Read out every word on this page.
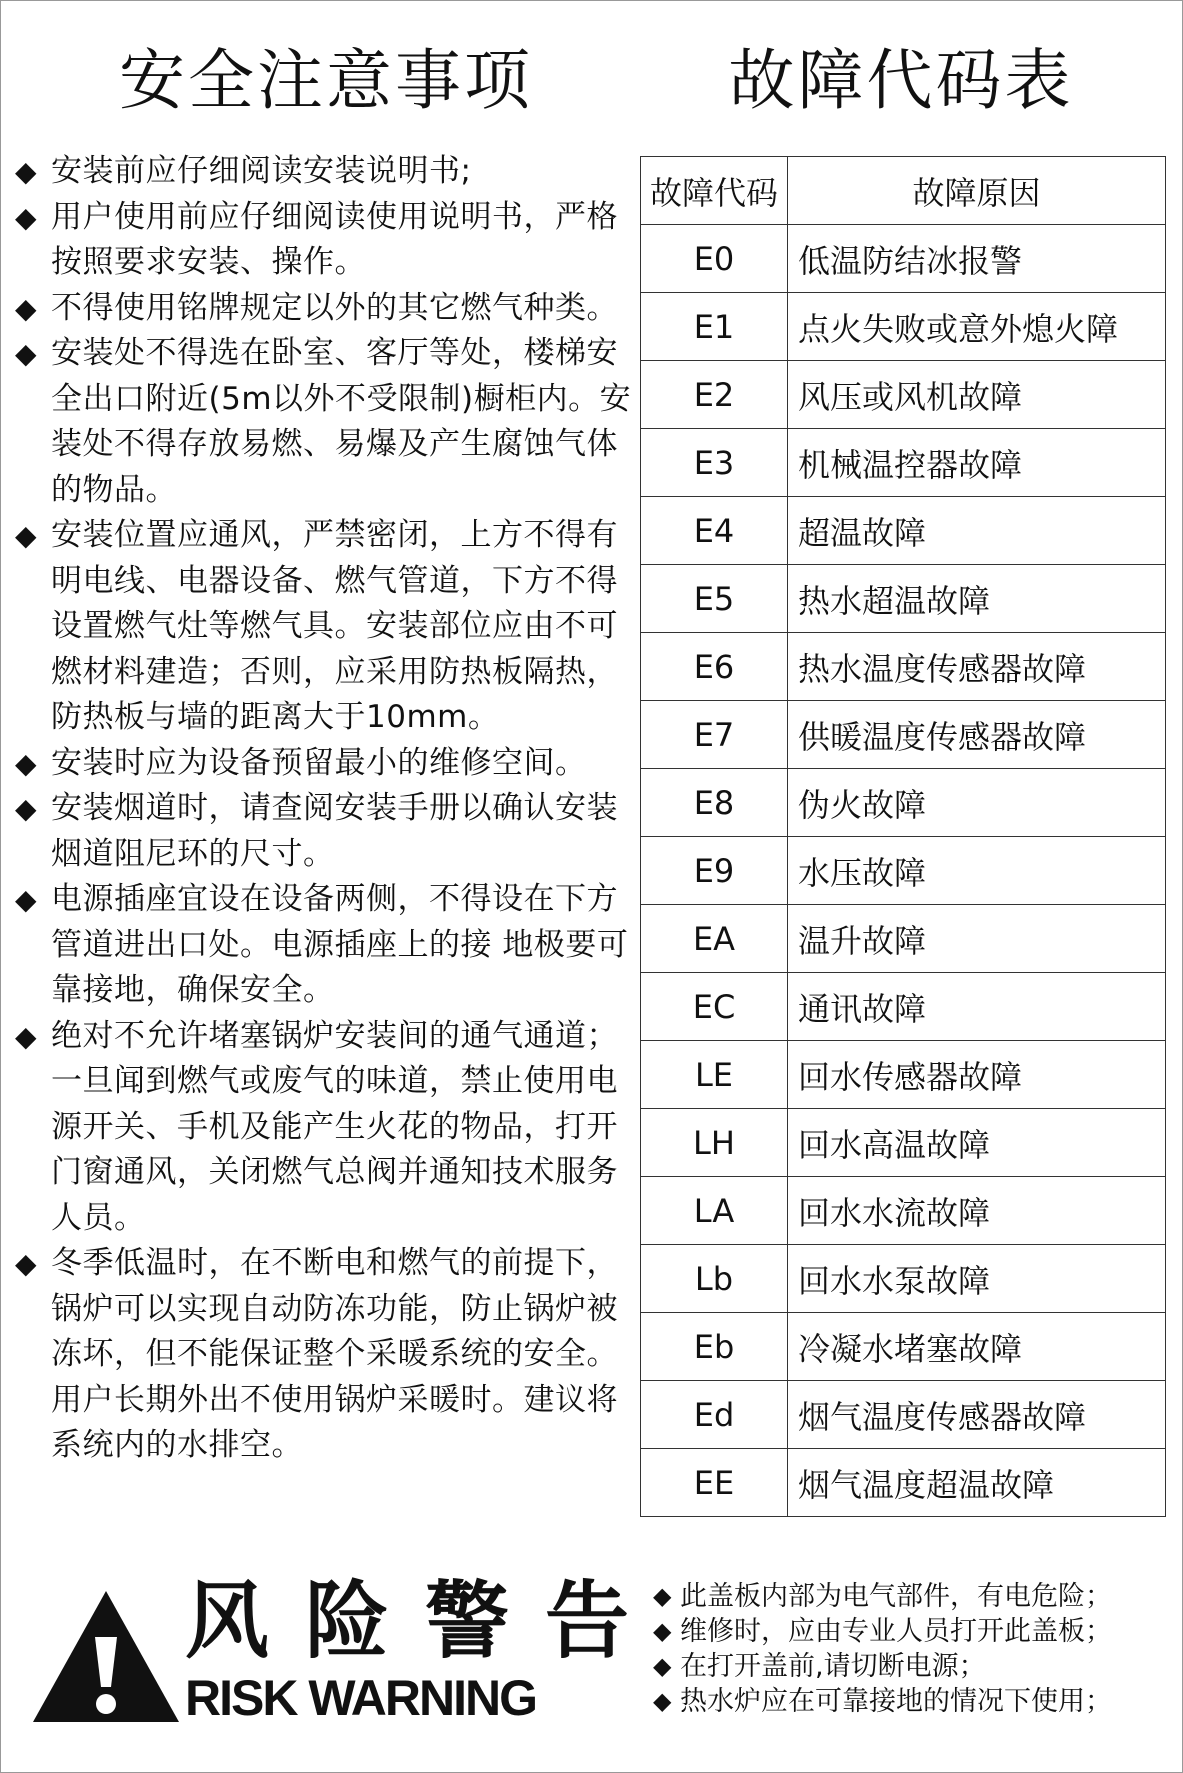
安全注意事项	故障代码表
◆ 安装前应仔细阅读安装说明书;
◆ 用户使用前应仔细阅读使用说明书，严格按照要求安装、操作。
◆ 不得使用铭牌规定以外的其它燃气种类。
◆ 安装处不得选在卧室、客厅等处，楼梯安全出口附近(5m以外不受限制)橱柜内。安装处不得存放易燃、易爆及产生腐蚀气体的物品。
◆ 安装位置应通风，严禁密闭，上方不得有明电线、电器设备、燃气管道，下方不得设置燃气灶等燃气具。安装部位应由不可燃材料建造；否则，应采用防热板隔热，防热板与墙的距离大于10mm。
◆ 安装时应为设备预留最小的维修空间。
◆ 安装烟道时，请查阅安装手册以确认安装烟道阻尼环的尺寸。
◆ 电源插座宜设在设备两侧，不得设在下方管道进出口处。电源插座上的接 地极要可靠接地，确保安全。
◆ 绝对不允许堵塞锅炉安装间的通气通道；一旦闻到燃气或废气的味道，禁止使用电源开关、手机及能产生火花的物品，打开门窗通风，关闭燃气总阀并通知技术服务人员。
◆ 冬季低温时，在不断电和燃气的前提下，锅炉可以实现自动防冻功能，防止锅炉被冻坏，但不能保证整个采暖系统的安全。用户长期外出不使用锅炉采暖时。建议将系统内的水排空。
故障代码	故障原因
E0	低温防结冰报警
E1	点火失败或意外熄火障
E2	风压或风机故障
E3	机械温控器故障
E4	超温故障
E5	热水超温故障
E6	热水温度传感器故障
E7	供暖温度传感器故障
E8	伪火故障
E9	水压故障
EA	温升故障
EC	通讯故障
LE	回水传感器故障
LH	回水高温故障
LA	回水水流故障
Lb	回水水泵故障
Eb	冷凝水堵塞故障
Ed	烟气温度传感器故障
EE	烟气温度超温故障
风险警告
RISK WARNING
◆ 此盖板内部为电气部件，有电危险；
◆ 维修时，应由专业人员打开此盖板；
◆ 在打开盖前,请切断电源；
◆ 热水炉应在可靠接地的情况下使用；
